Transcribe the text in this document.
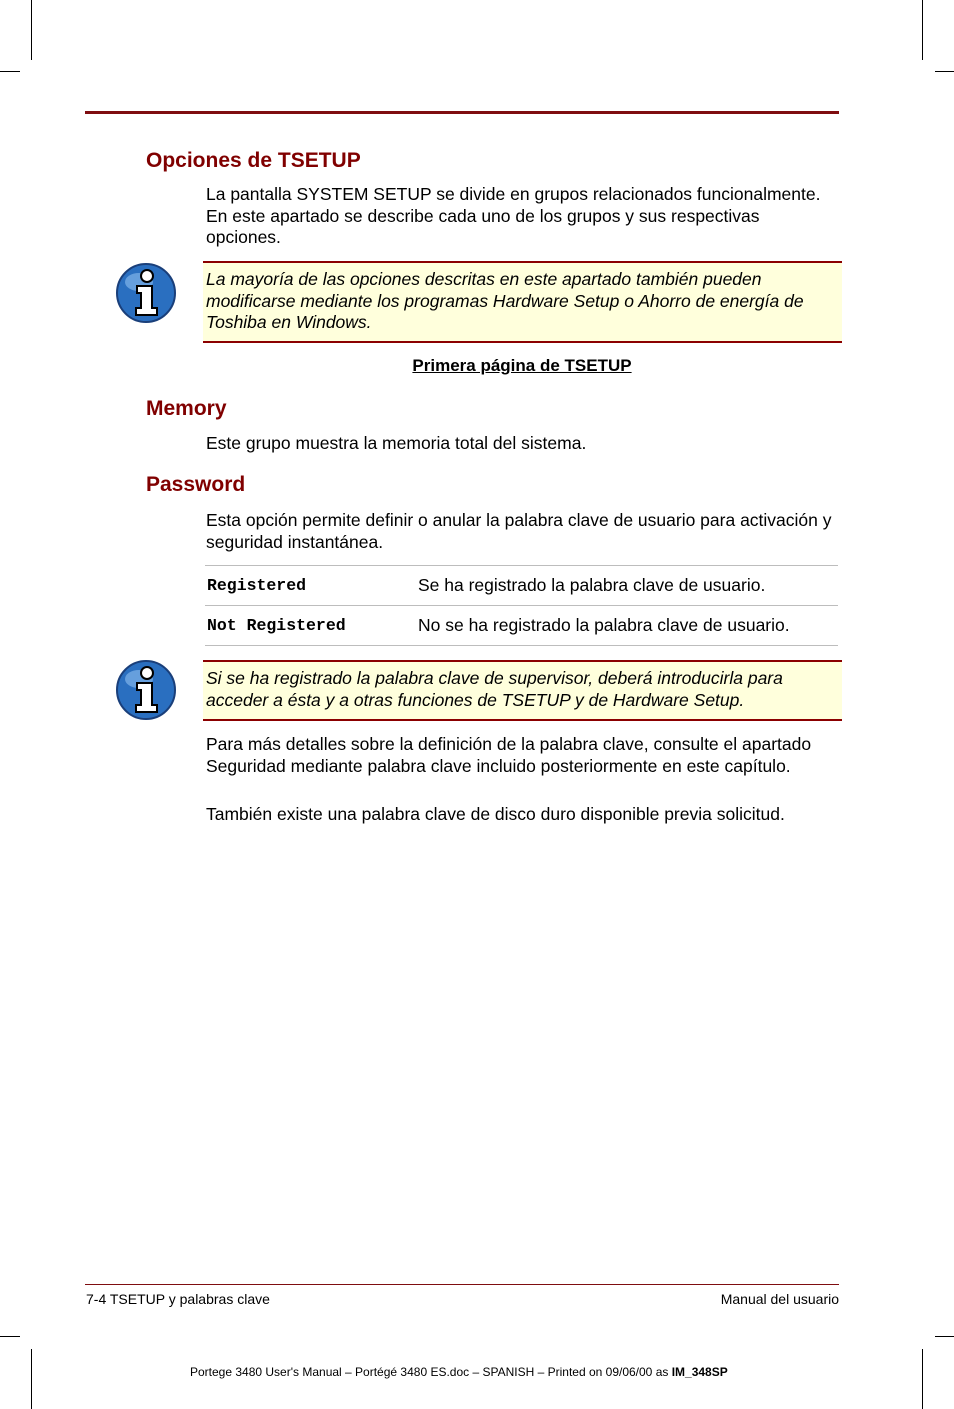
Opciones de TSETUP

La pantalla SYSTEM SETUP se divide en grupos relacionados funcionalmente. En este apartado se describe cada uno de los grupos y sus respectivas opciones.

La mayoría de las opciones descritas en este apartado también pueden modificarse mediante los programas Hardware Setup o Ahorro de energía de Toshiba en Windows.
Primera página de TSETUP
Memory

Este grupo muestra la memoria total del sistema.

Password

Esta opción permite definir o anular la palabra clave de usuario para activación y seguridad instantánea.

Registered	Se ha registrado la palabra clave de usuario.
Not Registered	No se ha registrado la palabra clave de usuario.
Si se ha registrado la palabra clave de supervisor, deberá introducirla para acceder a ésta y a otras funciones de TSETUP y de Hardware Setup.

Para más detalles sobre la definición de la palabra clave, consulte el apartado Seguridad mediante palabra clave incluido posteriormente en este capítulo.

También existe una palabra clave de disco duro disponible previa solicitud.

7-4 TSETUP y palabras clave	Manual del usuario
Portege 3480 User's Manual – Portégé 3480 ES.doc – SPANISH – Printed on 09/06/00 as IM_348SP
